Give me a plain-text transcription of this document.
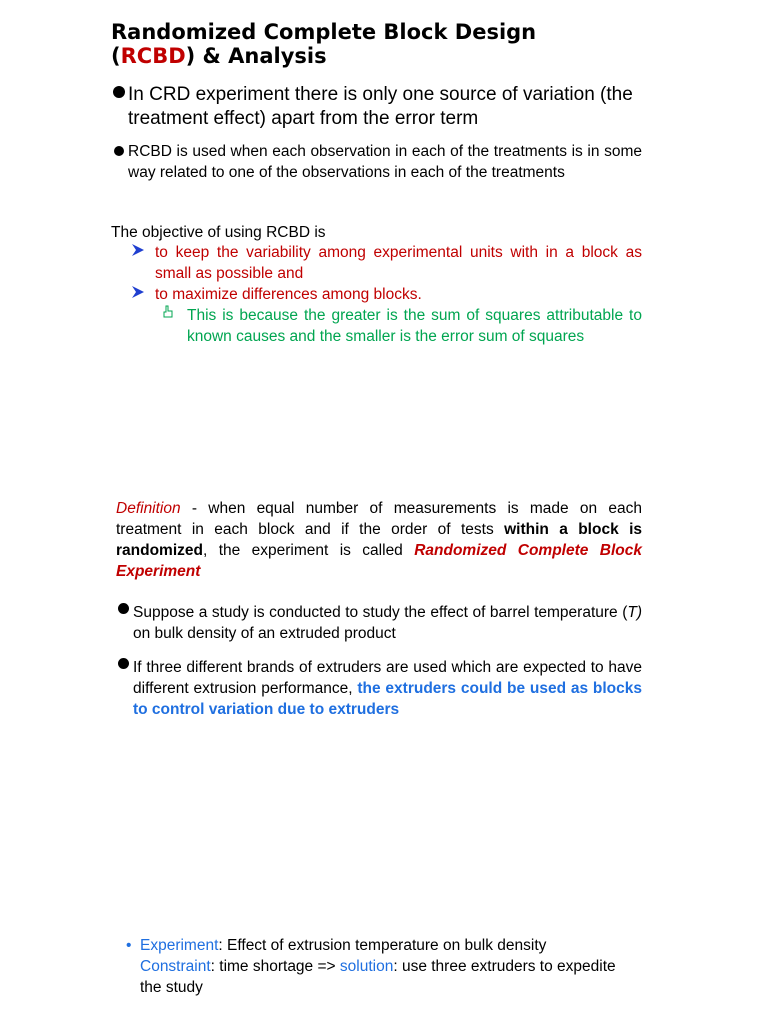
Randomized Complete Block Design
(RCBD) & Analysis
In CRD experiment there is only one source of variation (the treatment effect) apart from the error term
RCBD is used when each observation in each of the treatments is in some way related to one of the observations in each of the treatments
The objective of using RCBD is
to keep the variability among experimental units with in a block as small as possible and
to maximize differences among blocks.
This is because the greater is the sum of squares attributable to known causes and the smaller is the error sum of squares
Definition - when equal number of measurements is made on each treatment in each block and if the order of tests within a block is randomized, the experiment is called Randomized Complete Block Experiment
Suppose a study is conducted to study the effect of barrel temperature (T) on bulk density of an extruded product
If three different brands of extruders are used which are expected to have different extrusion performance, the extruders could be used as blocks to control variation due to extruders
• Experiment: Effect of extrusion temperature on bulk density
Constraint: time shortage => solution: use three extruders to expedite the study
